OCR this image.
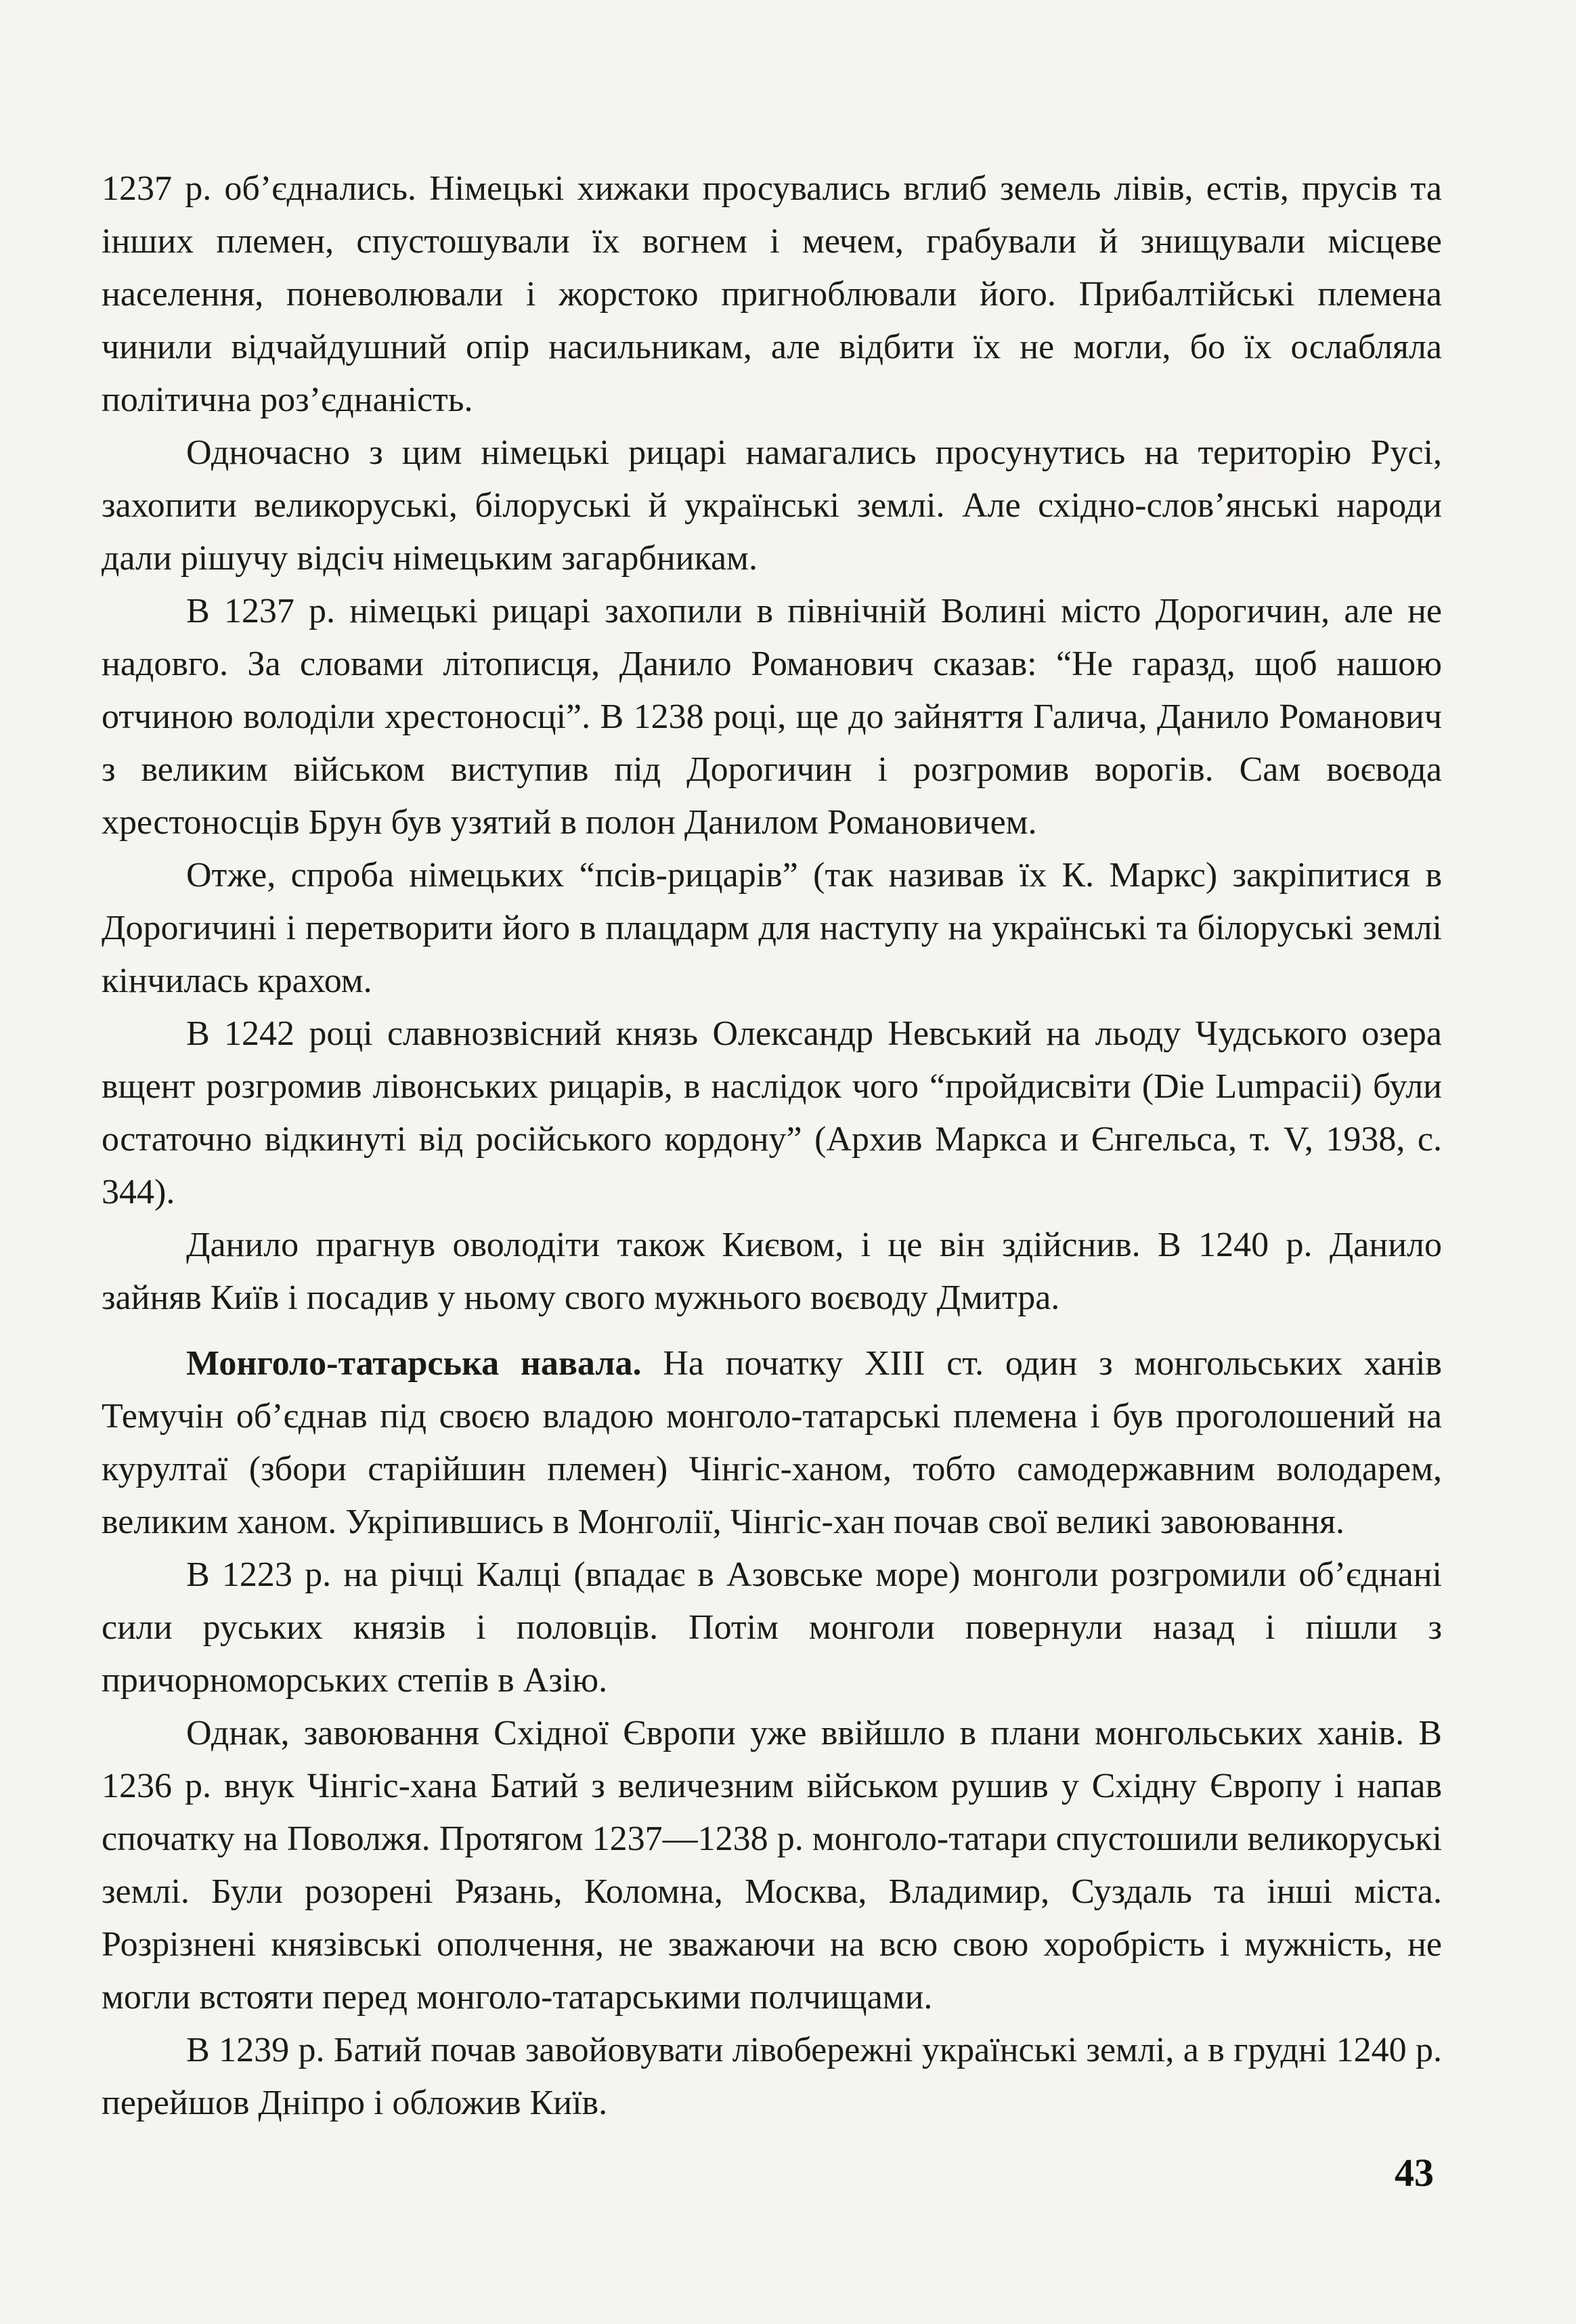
1237 р. об’єднались. Німецькі хижаки просувались вглиб земель лівів, естів, прусів та інших племен, спустошували їх вогнем і мечем, грабували й знищували місцеве населення, поневолювали і жорстоко пригноблювали його. Прибалтійські племена чинили відчайдушний опір насильникам, але відбити їх не могли, бо їх ослабляла політична роз’єднаність.

Одночасно з цим німецькі рицарі намагались просунутись на територію Русі, захопити великоруські, білоруські й українські землі. Але східно-слов’янські народи дали рішучу відсіч німецьким загарбникам.

В 1237 р. німецькі рицарі захопили в північній Волині місто Дорогичин, але не надовго. За словами літописця, Данило Романович сказав: “Не гаразд, щоб нашою отчиною володіли хрестоносці”. В 1238 році, ще до зайняття Галича, Данило Романович з великим військом виступив під Дорогичин і розгромив ворогів. Сам воєвода хрестоносців Брун був узятий в полон Данилом Романовичем.

Отже, спроба німецьких “псів-рицарів” (так називав їх К. Маркс) закріпитися в Дорогичині і перетворити його в плацдарм для наступу на українські та білоруські землі кінчилась крахом.

В 1242 році славнозвісний князь Олександр Невський на льоду Чудського озера вщент розгромив лівонських рицарів, в наслідок чого “пройдисвіти (Die Lumpacii) були остаточно відкинуті від російського кордону” (Архив Маркса и Єнгельса, т. V, 1938, с. 344).

Данило прагнув оволодіти також Києвом, і це він здійснив. В 1240 р. Данило зайняв Київ і посадив у ньому свого мужнього воєводу Дмитра.

Монголо-татарська навала. На початку XIII ст. один з монгольських ханів Темучін об’єднав під своєю владою монголо-татарські племена і був проголошений на курултаї (збори старійшин племен) Чінгіс-ханом, тобто самодержавним володарем, великим ханом. Укріпившись в Монголії, Чінгіс-хан почав свої великі завоювання.

В 1223 р. на річці Калці (впадає в Азовське море) монголи розгромили об’єднані сили руських князів і половців. Потім монголи повернули назад і пішли з причорноморських степів в Азію.

Однак, завоювання Східної Європи уже ввійшло в плани монгольських ханів. В 1236 р. внук Чінгіс-хана Батий з величезним військом рушив у Східну Європу і напав спочатку на Поволжя. Протягом 1237—1238 р. монголо-татари спустошили великоруські землі. Були розорені Рязань, Коломна, Москва, Владимир, Суздаль та інші міста. Розрізнені князівські ополчення, не зважаючи на всю свою хоробрість і мужність, не могли встояти перед монголо-татарськими полчищами.

В 1239 р. Батий почав завойовувати лівобережні українські землі, а в грудні 1240 р. перейшов Дніпро і обложив Київ.

43
